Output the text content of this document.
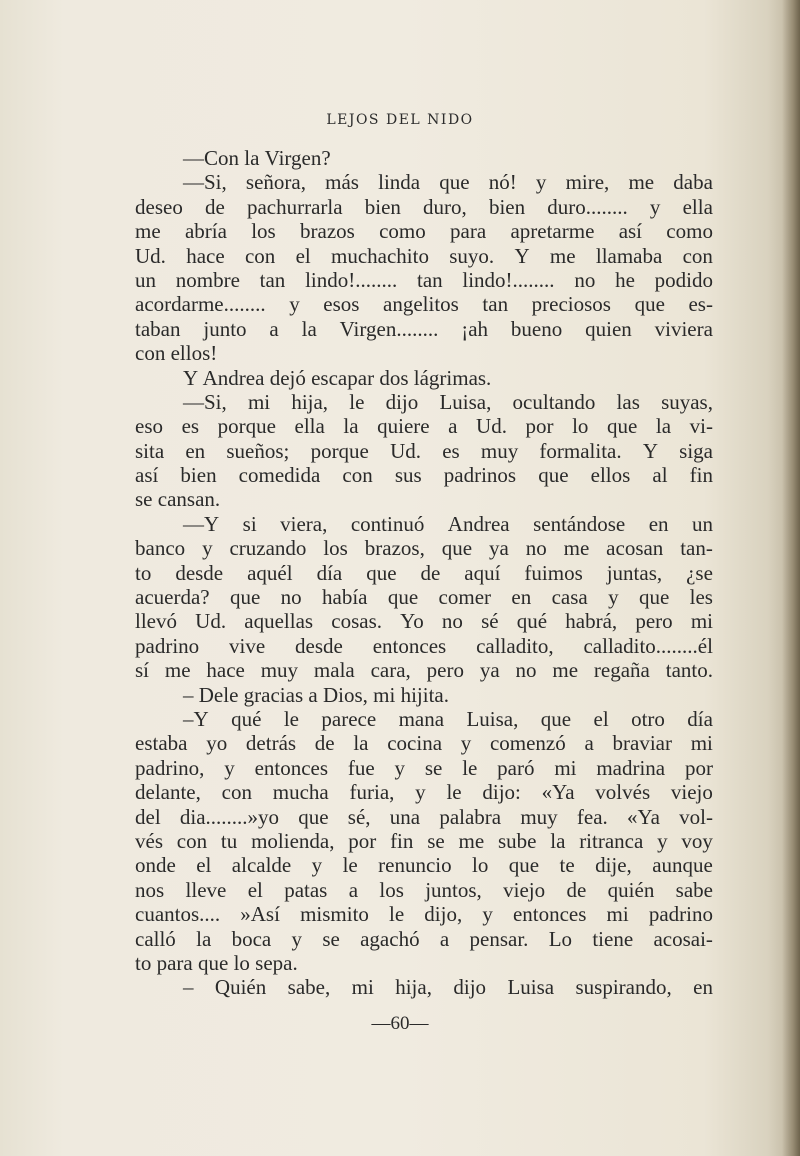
LEJOS DEL NIDO
—Con la Virgen?
—Si, señora, más linda que nó! y mire, me daba
deseo de pachurrarla bien duro, bien duro........ y ella
me abría los brazos como para apretarme así como
Ud. hace con el muchachito suyo. Y me llamaba con
un nombre tan lindo!........ tan lindo!........ no he podido
acordarme........ y esos angelitos tan preciosos que es-
taban junto a la Virgen........ ¡ah bueno quien viviera
con ellos!
Y Andrea dejó escapar dos lágrimas.
—Si, mi hija, le dijo Luisa, ocultando las suyas,
eso es porque ella la quiere a Ud. por lo que la vi-
sita en sueños; porque Ud. es muy formalita. Y siga
así bien comedida con sus padrinos que ellos al fin
se cansan.
—Y si viera, continuó Andrea sentándose en un
banco y cruzando los brazos, que ya no me acosan tan-
to desde aquél día que de aquí fuimos juntas, ¿se
acuerda? que no había que comer en casa y que les
llevó Ud. aquellas cosas. Yo no sé qué habrá, pero mi
padrino vive desde entonces calladito, calladito........él
sí me hace muy mala cara, pero ya no me regaña tanto.
– Dele gracias a Dios, mi hijita.
–Y qué le parece mana Luisa, que el otro día
estaba yo detrás de la cocina y comenzó a braviar mi
padrino, y entonces fue y se le paró mi madrina por
delante, con mucha furia, y le dijo: «Ya volvés viejo
del dia........»yo que sé, una palabra muy fea. «Ya vol-
vés con tu molienda, por fin se me sube la ritranca y voy
onde el alcalde y le renuncio lo que te dije, aunque
nos lleve el patas a los juntos, viejo de quién sabe
cuantos.... »Así mismito le dijo, y entonces mi padrino
calló la boca y se agachó a pensar. Lo tiene acosai-
to para que lo sepa.
– Quién sabe, mi hija, dijo Luisa suspirando, en
—60—
